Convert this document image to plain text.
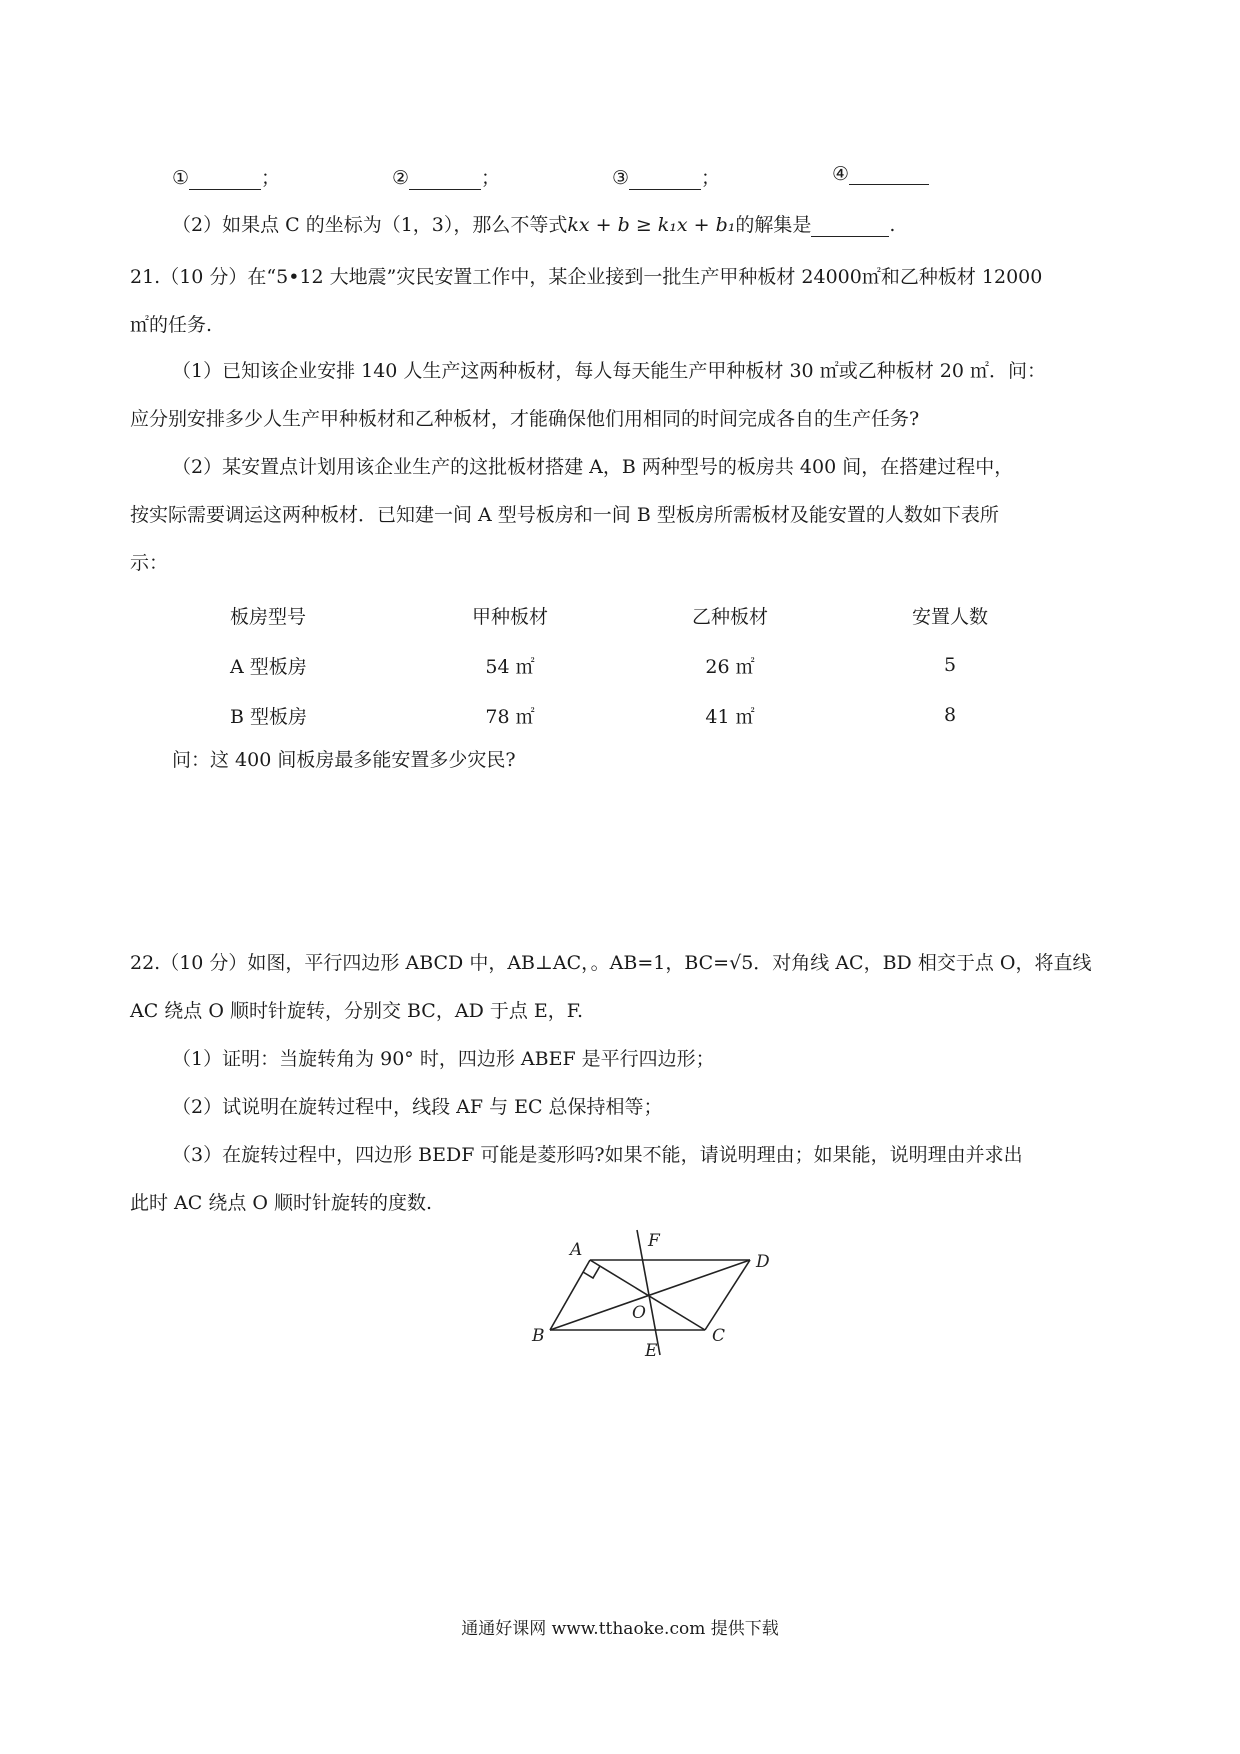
①	；	②	；	③	；	④
（2）如果点 C 的坐标为（1，3），那么不等式kx + b ≥ k₁x + b₁的解集是	.
21.（10 分）在“5•12 大地震”灾民安置工作中，某企业接到一批生产甲种板材 24000㎡和乙种板材 12000
㎡的任务.
（1）已知该企业安排 140 人生产这两种板材，每人每天能生产甲种板材 30 ㎡或乙种板材 20 ㎡．问：
应分别安排多少人生产甲种板材和乙种板材，才能确保他们用相同的时间完成各自的生产任务?
（2）某安置点计划用该企业生产的这批板材搭建 A，B 两种型号的板房共 400 间，在搭建过程中，
按实际需要调运这两种板材．已知建一间 A 型号板房和一间 B 型板房所需板材及能安置的人数如下表所
示：
板房型号	甲种板材	乙种板材	安置人数
A 型板房	54 ㎡	26 ㎡	5
B 型板房	78 ㎡	41 ㎡	8
问：这 400 间板房最多能安置多少灾民?
22.（10 分）如图，平行四边形 ABCD 中，AB⊥AC，。AB=1，BC=√5．对角线 AC，BD 相交于点 O，将直线
AC 绕点 O 顺时针旋转，分别交 BC，AD 于点 E，F.
（1）证明：当旋转角为 90° 时，四边形 ABEF 是平行四边形；
（2）试说明在旋转过程中，线段 AF 与 EC 总保持相等；
（3）在旋转过程中，四边形 BEDF 可能是菱形吗?如果不能，请说明理由；如果能，说明理由并求出
此时 AC 绕点 O 顺时针旋转的度数.
A	F
D
O
B	C
E
通通好课网 www.tthaoke.com 提供下载
